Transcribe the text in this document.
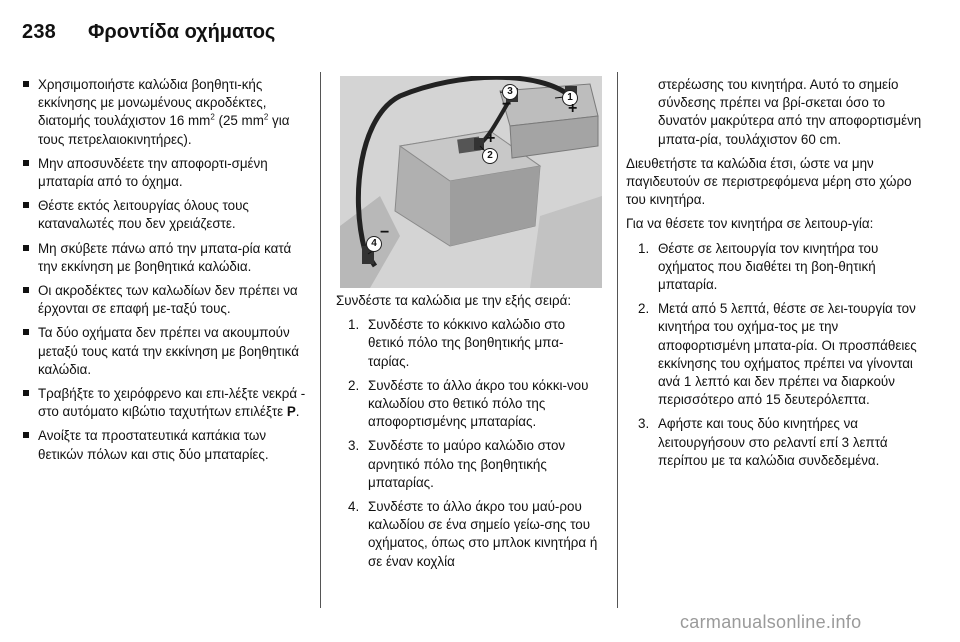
238 Φροντίδα οχήματος
Χρησιμοποιήστε καλώδια βοηθητι-κής εκκίνησης με μονωμένους ακροδέκτες, διατομής τουλάχιστον 16 $mm^2$ (25 $mm^2$ για τους πετρελαιοκινητήρες).
Μην αποσυνδέετε την αποφορτι-σμένη μπαταρία από το όχημα.
Θέστε εκτός λειτουργίας όλους τους καταναλωτές που δεν χρειάζεστε.
Μη σκύβετε πάνω από την μπατα-ρία κατά την εκκίνηση με βοηθητικά καλώδια.
Οι ακροδέκτες των καλωδίων δεν πρέπει να έρχονται σε επαφή με-ταξύ τους.
Τα δύο οχήματα δεν πρέπει να ακουμπούν μεταξύ τους κατά την εκκίνηση με βοηθητικά καλώδια.
Τραβήξτε το χειρόφρενο και επι-λέξτε νεκρά - στο αυτόματο κιβώτιο ταχυτήτων επιλέξτε P.
Ανοίξτε τα προστατευτικά καπάκια των θετικών πόλων και στις δύο μπαταρίες.
1
2
3
4
+
+
−
−

Συνδέστε τα καλώδια με την εξής σειρά:

1. Συνδέστε το κόκκινο καλώδιο στο θετικό πόλο της βοηθητικής μπα-ταρίας.
2. Συνδέστε το άλλο άκρο του κόκκι-νου καλωδίου στο θετικό πόλο της αποφορτισμένης μπαταρίας.
3. Συνδέστε το μαύρο καλώδιο στον αρνητικό πόλο της βοηθητικής μπαταρίας.
4. Συνδέστε το άλλο άκρο του μαύ-ρου καλωδίου σε ένα σημείο γείω-σης του οχήματος, όπως στο μπλοκ κινητήρα ή σε έναν κοχλία

στερέωσης του κινητήρα. Αυτό το σημείο σύνδεσης πρέπει να βρί-σκεται όσο το δυνατόν μακρύτερα από την αποφορτισμένη μπατα-ρία, τουλάχιστον 60 cm.

Διευθετήστε τα καλώδια έτσι, ώστε να μην παγιδευτούν σε περιστρεφόμενα μέρη στο χώρο του κινητήρα.

Για να θέσετε τον κινητήρα σε λειτουρ-γία:

1. Θέστε σε λειτουργία τον κινητήρα του οχήματος που διαθέτει τη βοη-θητική μπαταρία.
2. Μετά από 5 λεπτά, θέστε σε λει-τουργία τον κινητήρα του οχήμα-τος με την αποφορτισμένη μπατα-ρία. Οι προσπάθειες εκκίνησης του οχήματος πρέπει να γίνονται ανά 1 λεπτό και δεν πρέπει να διαρκούν περισσότερο από 15 δευτερόλεπτα.
3. Αφήστε και τους δύο κινητήρες να λειτουργήσουν στο ρελαντί επί 3 λεπτά περίπου με τα καλώδια συνδεδεμένα.
carmanualsonline.info
